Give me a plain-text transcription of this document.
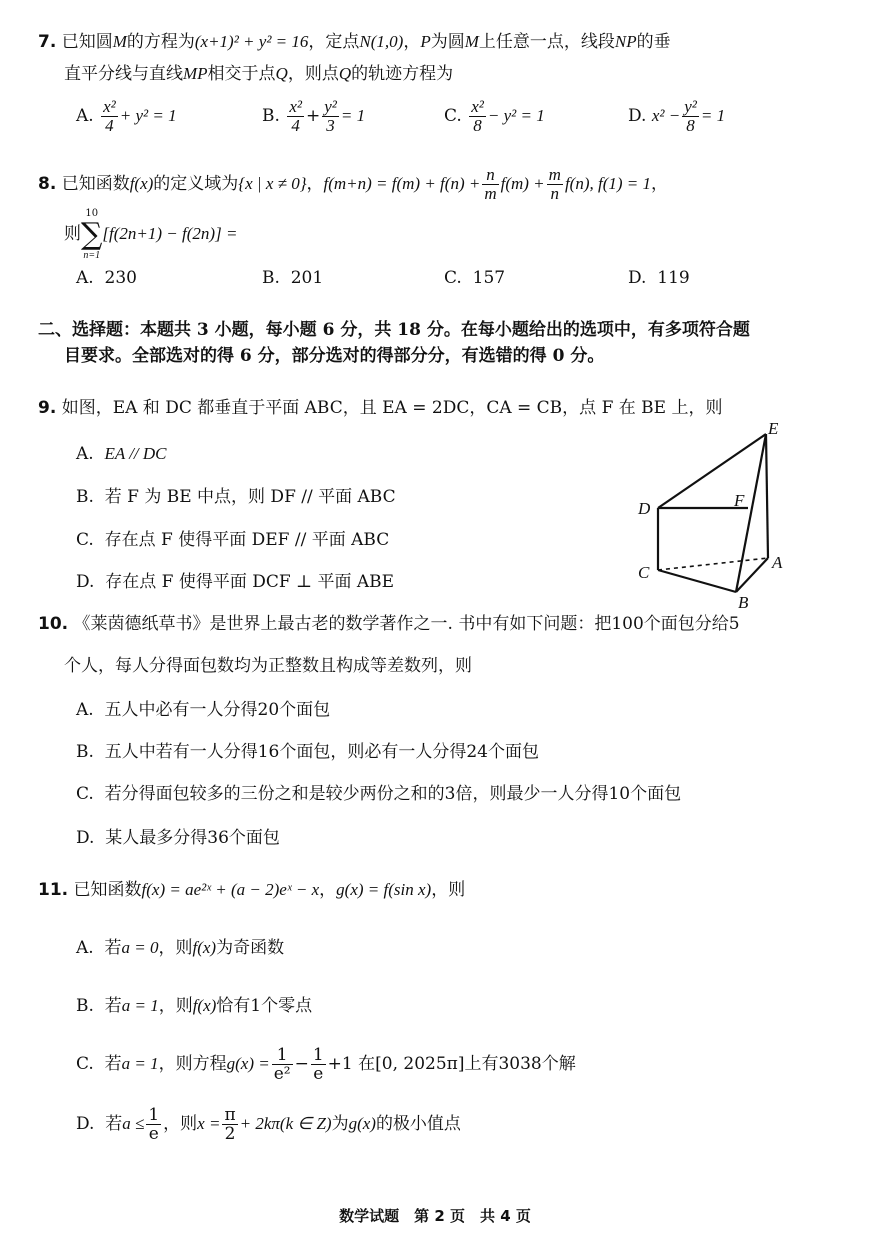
7. 已知圆M的方程为(x+1)² + y² = 16，定点N(1,0)，P为圆M上任意一点，线段NP的垂
直平分线与直线MP相交于点Q，则点Q的轨迹方程为
A. $\frac{\text{x²}}{4} + y^2 = 1$	B. $\frac{\text{x²}}{4} + \frac{\text{y²}}{3} = 1$	C. $\frac{\text{x²}}{8} - y^2 = 1$	D. $x^2 - \frac{\text{y²}}{8} = 1$
8. 已知函数f(x)的定义域为{x | x ≠ 0}，$f(m+n) = f(m) + f(n) + \frac{n}{m} f(m) + \frac{m}{n} f(n)$, f(1) = 1，
则
10
∑
n=1
[f(2n+1) − f(2n)] =
A. 230	B. 201	C. 157	D. 119
二、选择题：本题共 3 小题，每小题 6 分，共 18 分。在每小题给出的选项中，有多项符合题
目要求。全部选对的得 6 分，部分选对的得部分分，有选错的得 0 分。
9. 如图，EA 和 DC 都垂直于平面 ABC，且 EA = 2DC，CA = CB，点 F 在 BE 上，则
A. EA // DC
B. 若 F 为 BE 中点，则 DF // 平面 ABC
C. 存在点 F 使得平面 DEF // 平面 ABC
D. 存在点 F 使得平面 DCF ⊥ 平面 ABE
E
D	F
C
A
B
10. 《莱茵德纸草书》是世界上最古老的数学著作之一. 书中有如下问题：把100个面包分给5
个人，每人分得面包数均为正整数且构成等差数列，则
A. 五人中必有一人分得20个面包
B. 五人中若有一人分得16个面包，则必有一人分得24个面包
C. 若分得面包较多的三份之和是较少两份之和的3倍，则最少一人分得10个面包
D. 某人最多分得36个面包
11. 已知函数f(x) = ae²ˣ + (a − 2)eˣ − x，g(x) = f(sin x)，则
A. 若a = 0，则f(x)为奇函数
B. 若a = 1，则f(x)恰有1个零点
C. 若a = 1，则方程$g(x) = \frac{1}{\text{e²}} - \frac{1}{e} +1$ 在[0, 2025π]上有3038个解
D. 若$a \le \frac{1}{e}$ ，则$x = \frac{\pi}{2} + 2k\pi(k$ ∈ Z)为g(x)的极小值点
数学试题　第 2 页　共 4 页
